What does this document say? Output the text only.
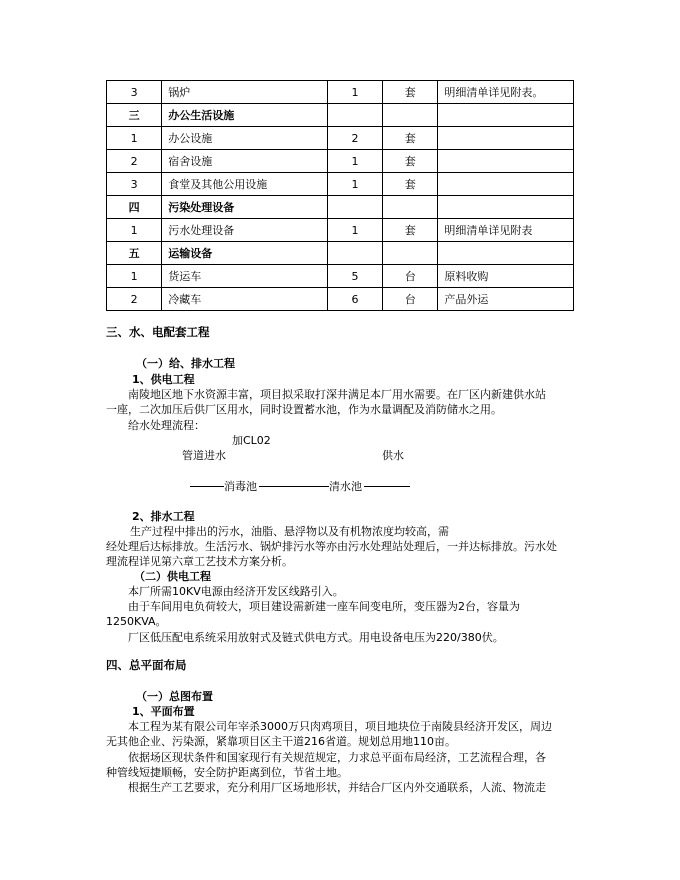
3	锅炉	1	套	明细清单详见附表。
三	办公生活设施			
1	办公设施	2	套	
2	宿舍设施	1	套	
3	食堂及其他公用设施	1	套	
四	污染处理设备			
1	污水处理设备	1	套	明细清单详见附表
五	运输设备			
1	货运车	5	台	原料收购
2	冷藏车	6	台	产品外运
三、水、电配套工程
（一）给、排水工程
1、供电工程
南陵地区地下水资源丰富，项目拟采取打深井满足本厂用水需要。在厂区内新建供水站
一座，二次加压后供厂区用水，同时设置蓄水池，作为水量调配及消防储水之用。
给水处理流程：
加CL02
管道进水	供水
消毒池	清水池
2、排水工程
生产过程中排出的污水，油脂、悬浮物以及有机物浓度均较高，需
经处理后达标排放。生活污水、锅炉排污水等亦由污水处理站处理后，一并达标排放。污水处
理流程详见第六章工艺技术方案分析。
（二）供电工程
本厂所需10KV电源由经济开发区线路引入。
由于车间用电负荷较大，项目建设需新建一座车间变电所，变压器为2台，容量为
1250KVA。
厂区低压配电系统采用放射式及链式供电方式。用电设备电压为220/380伏。
四、总平面布局
（一）总图布置
1、平面布置
本工程为某有限公司年宰杀3000万只肉鸡项目，项目地块位于南陵县经济开发区，周边
无其他企业、污染源，紧靠项目区主干道216省道。规划总用地110亩。
依据场区现状条件和国家现行有关规范规定，力求总平面布局经济，工艺流程合理，各
种管线短捷顺畅，安全防护距离到位，节省土地。
根据生产工艺要求，充分利用厂区场地形状，并结合厂区内外交通联系，人流、物流走
